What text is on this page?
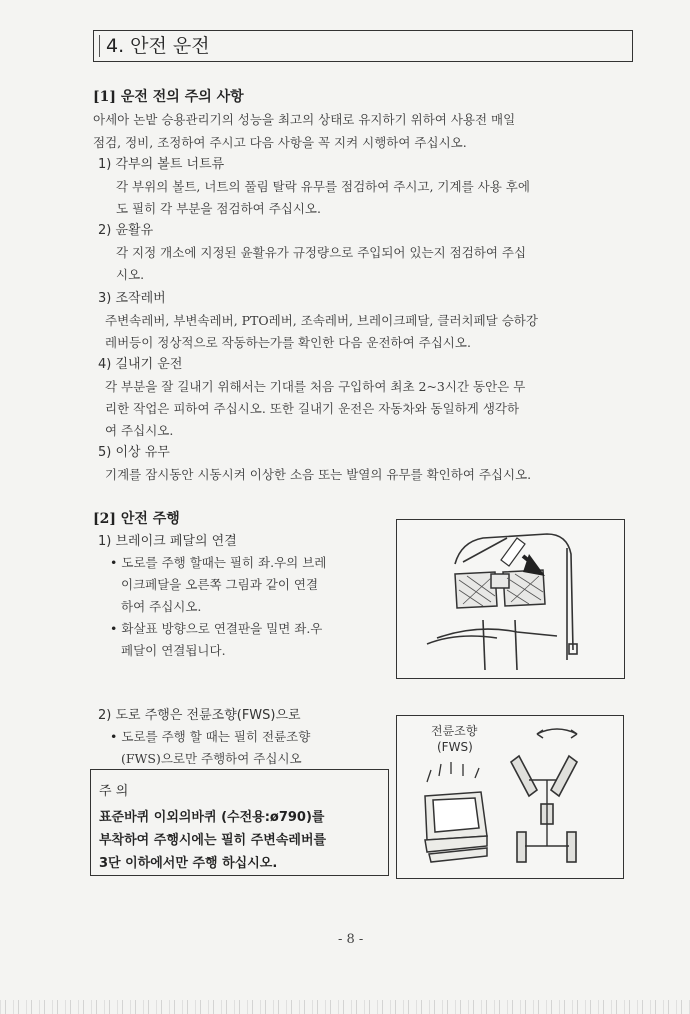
4. 안전 운전
[1] 운전 전의 주의 사항
아세아 논밭 승용관리기의 성능을 최고의 상태로 유지하기 위하여 사용전 매일
점검, 정비, 조정하여 주시고 다음 사항을 꼭 지켜 시행하여 주십시오.
1) 각부의 볼트 너트류
각 부위의 볼트, 너트의 풀림 탈락 유무를 점검하여 주시고, 기계를 사용 후에
도 필히 각 부분을 점검하여 주십시오.
2) 윤활유
각 지정 개소에 지정된 윤활유가 규정량으로 주입되어 있는지 점검하여 주십
시오.
3) 조작레버
주변속레버, 부변속레버, PTO레버, 조속레버, 브레이크페달, 클러치페달 승하강
레버등이 정상적으로 작동하는가를 확인한 다음 운전하여 주십시오.
4) 길내기 운전
각 부분을 잘 길내기 위해서는 기대를 처음 구입하여 최초 2~3시간 동안은 무
리한 작업은 피하여 주십시오. 또한 길내기 운전은 자동차와 동일하게 생각하
여 주십시오.
5) 이상 유무
기계를 잠시동안 시동시켜 이상한 소음 또는 발열의 유무를 확인하여 주십시오.
[2] 안전 주행
1) 브레이크 페달의 연결
• 도로를 주행 할때는 필히 좌.우의 브레
이크페달을 오른쪽 그림과 같이 연결
하여 주십시오.
• 화살표 방향으로 연결판을 밀면 좌.우
페달이 연결됩니다.
2) 도로 주행은 전륜조향(FWS)으로
• 도로를 주행 할 때는 필히 전륜조향
(FWS)으로만 주행하여 주십시오
주 의
표준바퀴 이외의바퀴 (수전용:ø790)를
부착하여 주행시에는 필히 주변속레버를
3단 이하에서만 주행 하십시오.
전륜조향
(FWS)
- 8 -
